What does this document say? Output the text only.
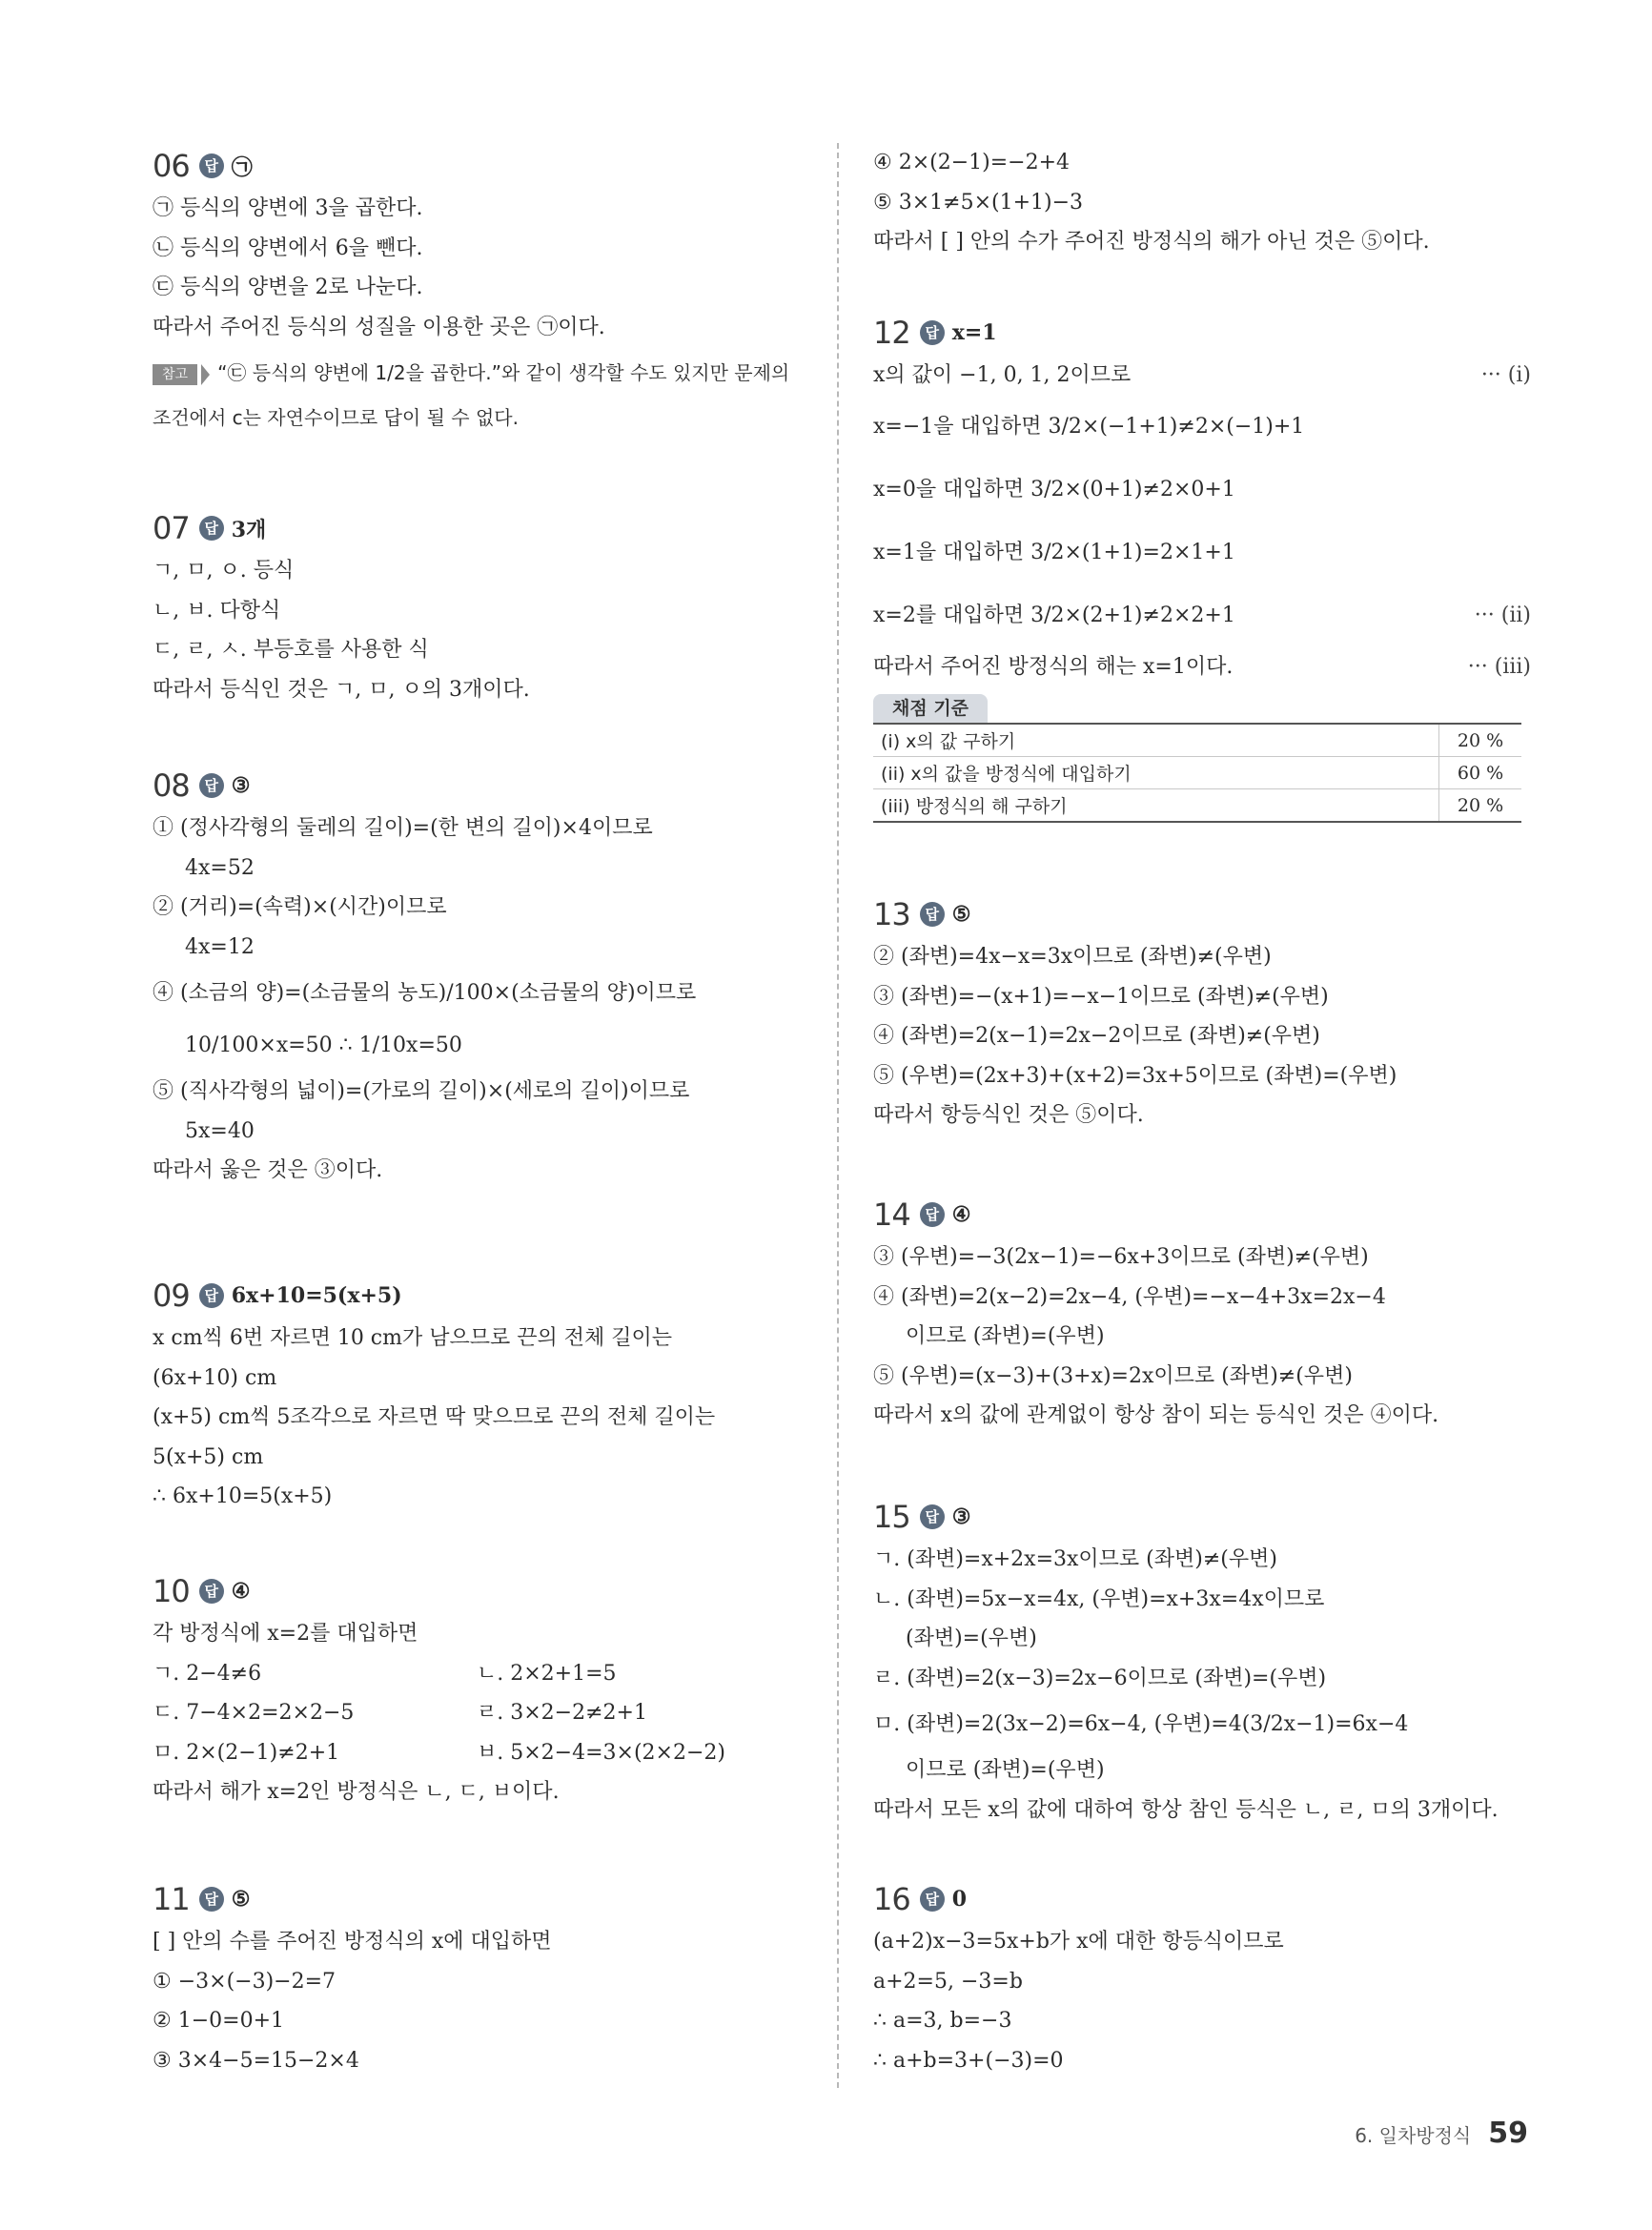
06	답 ㉠
㉠ 등식의 양변에 3을 곱한다.
㉡ 등식의 양변에서 6을 뺀다.
㉢ 등식의 양변을 2로 나눈다.
따라서 주어진 등식의 성질을 이용한 곳은 ㉠이다.
참고 “㉢ 등식의 양변에 1/2을 곱한다.”와 같이 생각할 수도 있지만 문제의
조건에서 c는 자연수이므로 답이 될 수 없다.
07	답 3개
ㄱ, ㅁ, ㅇ. 등식
ㄴ, ㅂ. 다항식
ㄷ, ㄹ, ㅅ. 부등호를 사용한 식
따라서 등식인 것은 ㄱ, ㅁ, ㅇ의 3개이다.
08	답 ③
① (정사각형의 둘레의 길이)=(한 변의 길이)×4이므로
4x=52
② (거리)=(속력)×(시간)이므로
4x=12
④ (소금의 양)=(소금물의 농도)/100×(소금물의 양)이므로
10/100×x=50 ∴ 1/10x=50
⑤ (직사각형의 넓이)=(가로의 길이)×(세로의 길이)이므로
5x=40
따라서 옳은 것은 ③이다.
09	답 6x+10=5(x+5)
x cm씩 6번 자르면 10 cm가 남으므로 끈의 전체 길이는
(6x+10) cm
(x+5) cm씩 5조각으로 자르면 딱 맞으므로 끈의 전체 길이는
5(x+5) cm
∴ 6x+10=5(x+5)
10	답 ④
각 방정식에 x=2를 대입하면
ㄱ. 2−4≠6	ㄴ. 2×2+1=5
ㄷ. 7−4×2=2×2−5	ㄹ. 3×2−2≠2+1
ㅁ. 2×(2−1)≠2+1	ㅂ. 5×2−4=3×(2×2−2)
따라서 해가 x=2인 방정식은 ㄴ, ㄷ, ㅂ이다.
11	답 ⑤
[ ] 안의 수를 주어진 방정식의 x에 대입하면
① −3×(−3)−2=7
② 1−0=0+1
③ 3×4−5=15−2×4
④ 2×(2−1)=−2+4
⑤ 3×1≠5×(1+1)−3
따라서 [ ] 안의 수가 주어진 방정식의 해가 아닌 것은 ⑤이다.
12	답 x=1
x의 값이 −1, 0, 1, 2이므로	··· (i)
x=−1을 대입하면 3/2×(−1+1)≠2×(−1)+1
x=0을 대입하면 3/2×(0+1)≠2×0+1
x=1을 대입하면 3/2×(1+1)=2×1+1
x=2를 대입하면 3/2×(2+1)≠2×2+1	··· (ii)
따라서 주어진 방정식의 해는 x=1이다.	··· (iii)
채점 기준
(i) x의 값 구하기	20 %
(ii) x의 값을 방정식에 대입하기	60 %
(iii) 방정식의 해 구하기	20 %
13	답 ⑤
② (좌변)=4x−x=3x이므로 (좌변)≠(우변)
③ (좌변)=−(x+1)=−x−1이므로 (좌변)≠(우변)
④ (좌변)=2(x−1)=2x−2이므로 (좌변)≠(우변)
⑤ (우변)=(2x+3)+(x+2)=3x+5이므로 (좌변)=(우변)
따라서 항등식인 것은 ⑤이다.
14	답 ④
③ (우변)=−3(2x−1)=−6x+3이므로 (좌변)≠(우변)
④ (좌변)=2(x−2)=2x−4, (우변)=−x−4+3x=2x−4
이므로 (좌변)=(우변)
⑤ (우변)=(x−3)+(3+x)=2x이므로 (좌변)≠(우변)
따라서 x의 값에 관계없이 항상 참이 되는 등식인 것은 ④이다.
15	답 ③
ㄱ. (좌변)=x+2x=3x이므로 (좌변)≠(우변)
ㄴ. (좌변)=5x−x=4x, (우변)=x+3x=4x이므로
(좌변)=(우변)
ㄹ. (좌변)=2(x−3)=2x−6이므로 (좌변)=(우변)
ㅁ. (좌변)=2(3x−2)=6x−4, (우변)=4(3/2x−1)=6x−4
이므로 (좌변)=(우변)
따라서 모든 x의 값에 대하여 항상 참인 등식은 ㄴ, ㄹ, ㅁ의 3개이다.
16	답 0
(a+2)x−3=5x+b가 x에 대한 항등식이므로
a+2=5, −3=b
∴ a=3, b=−3
∴ a+b=3+(−3)=0
6. 일차방정식 59
